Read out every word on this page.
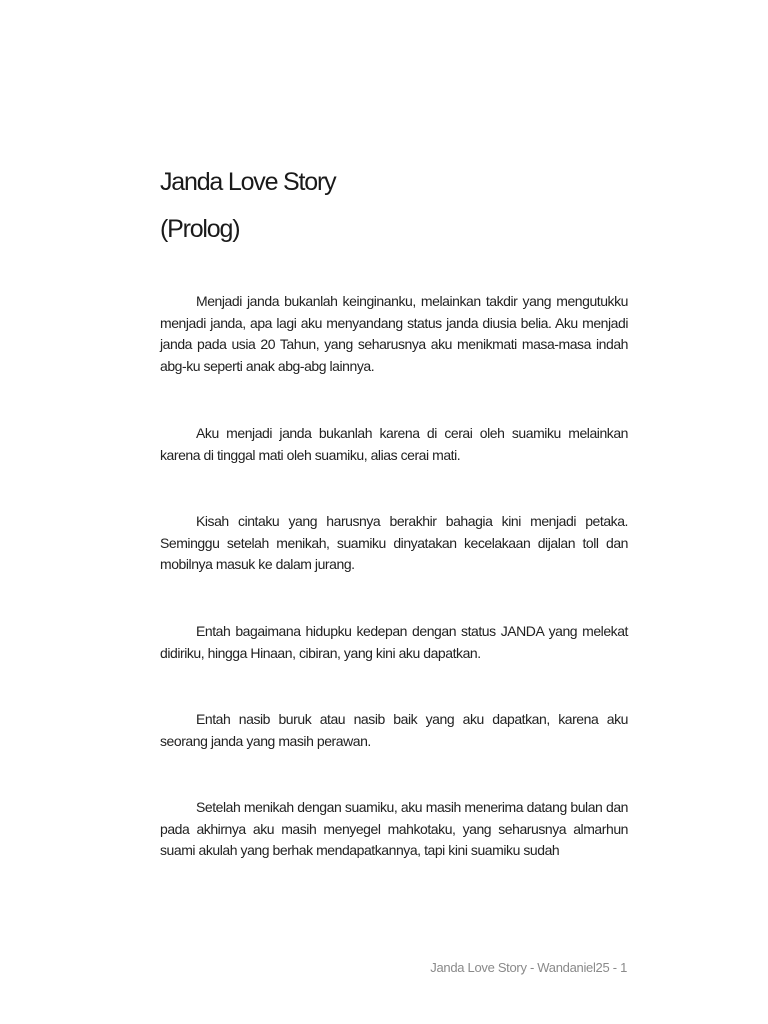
Janda Love Story
(Prolog)

Menjadi janda bukanlah keinginanku, melainkan takdir yang mengutukku menjadi janda, apa lagi aku menyandang status janda diusia belia. Aku menjadi janda pada usia 20 Tahun, yang seharusnya aku menikmati masa-masa indah abg-ku seperti anak abg-abg lainnya.

Aku menjadi janda bukanlah karena di cerai oleh suamiku melainkan karena di tinggal mati oleh suamiku, alias cerai mati.

Kisah cintaku yang harusnya berakhir bahagia kini menjadi petaka. Seminggu setelah menikah, suamiku dinyatakan kecelakaan dijalan toll dan mobilnya masuk ke dalam jurang.

Entah bagaimana hidupku kedepan dengan status JANDA yang melekat didiriku, hingga Hinaan, cibiran, yang kini aku dapatkan.

Entah nasib buruk atau nasib baik yang aku dapatkan, karena aku seorang janda yang masih perawan.

Setelah menikah dengan suamiku, aku masih menerima datang bulan dan pada akhirnya aku masih menyegel mahkotaku, yang seharusnya almarhun suami akulah yang berhak mendapatkannya, tapi kini suamiku sudah

Janda Love Story - Wandaniel25 - 1
